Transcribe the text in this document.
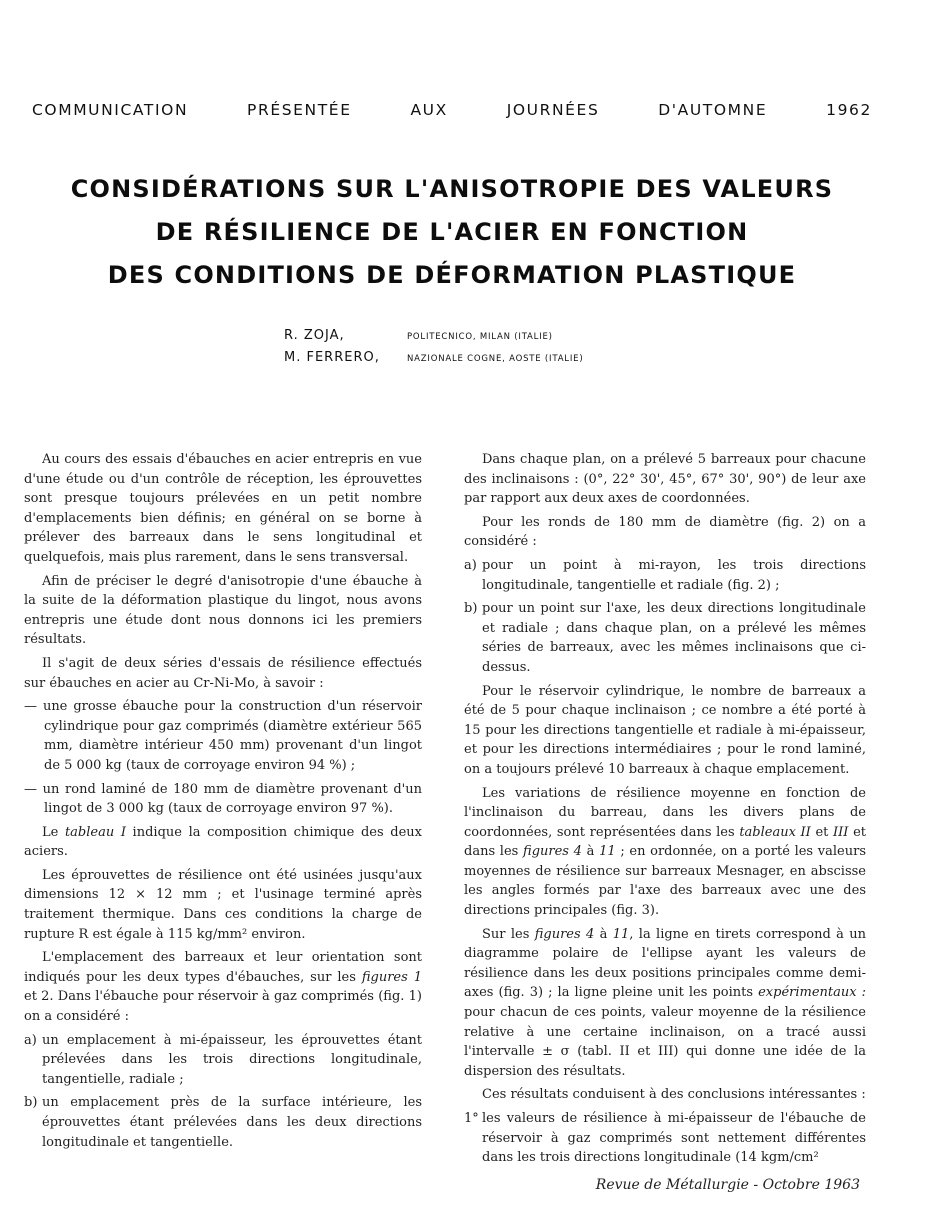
COMMUNICATION	PRÉSENTÉE	AUX	JOURNÉES	D'AUTOMNE	1962
CONSIDÉRATIONS SUR L'ANISOTROPIE DES VALEURS
DE RÉSILIENCE DE L'ACIER EN FONCTION
DES CONDITIONS DE DÉFORMATION PLASTIQUE
R. ZOJA,	POLITECNICO, MILAN (ITALIE)
M. FERRERO,	NAZIONALE COGNE, AOSTE (ITALIE)

Au cours des essais d'ébauches en acier entrepris en vue d'une étude ou d'un contrôle de réception, les éprouvettes sont presque toujours prélevées en un petit nombre d'emplacements bien définis; en général on se borne à prélever des barreaux dans le sens longitudinal et quelquefois, mais plus rarement, dans le sens transversal.

Afin de préciser le degré d'anisotropie d'une ébauche à la suite de la déformation plastique du lingot, nous avons entrepris une étude dont nous donnons ici les premiers résultats.

Il s'agit de deux séries d'essais de résilience effectués sur ébauches en acier au Cr-Ni-Mo, à savoir :

— une grosse ébauche pour la construction d'un réservoir cylindrique pour gaz comprimés (diamètre extérieur 565 mm, diamètre intérieur 450 mm) provenant d'un lingot de 5 000 kg (taux de corroyage environ 94 %) ;
— un rond laminé de 180 mm de diamètre provenant d'un lingot de 3 000 kg (taux de corroyage environ 97 %).

Le tableau I indique la composition chimique des deux aciers.

Les éprouvettes de résilience ont été usinées jusqu'aux dimensions 12 × 12 mm ; et l'usinage terminé après traitement thermique. Dans ces conditions la charge de rupture R est égale à 115 kg/mm² environ.

L'emplacement des barreaux et leur orientation sont indiqués pour les deux types d'ébauches, sur les figures 1 et 2. Dans l'ébauche pour réservoir à gaz comprimés (fig. 1) on a considéré :

a) un emplacement à mi-épaisseur, les éprouvettes étant prélevées dans les trois directions longitudinale, tangentielle, radiale ;
b) un emplacement près de la surface intérieure, les éprouvettes étant prélevées dans les deux directions longitudinale et tangentielle.

Dans chaque plan, on a prélevé 5 barreaux pour chacune des inclinaisons : (0°, 22° 30', 45°, 67° 30', 90°) de leur axe par rapport aux deux axes de coordonnées.

Pour les ronds de 180 mm de diamètre (fig. 2) on a considéré :

a) pour un point à mi-rayon, les trois directions longitudinale, tangentielle et radiale (fig. 2) ;
b) pour un point sur l'axe, les deux directions longitudinale et radiale ; dans chaque plan, on a prélevé les mêmes séries de barreaux, avec les mêmes inclinaisons que ci-dessus.

Pour le réservoir cylindrique, le nombre de barreaux a été de 5 pour chaque inclinaison ; ce nombre a été porté à 15 pour les directions tangentielle et radiale à mi-épaisseur, et pour les directions intermédiaires ; pour le rond laminé, on a toujours prélevé 10 barreaux à chaque emplacement.

Les variations de résilience moyenne en fonction de l'inclinaison du barreau, dans les divers plans de coordonnées, sont représentées dans les tableaux II et III et dans les figures 4 à 11 ; en ordonnée, on a porté les valeurs moyennes de résilience sur barreaux Mesnager, en abscisse les angles formés par l'axe des barreaux avec une des directions principales (fig. 3).

Sur les figures 4 à 11, la ligne en tirets correspond à un diagramme polaire de l'ellipse ayant les valeurs de résilience dans les deux positions principales comme demi-axes (fig. 3) ; la ligne pleine unit les points expérimentaux : pour chacun de ces points, valeur moyenne de la résilience relative à une certaine inclinaison, on a tracé aussi l'intervalle ± σ (tabl. II et III) qui donne une idée de la dispersion des résultats.

Ces résultats conduisent à des conclusions intéressantes :

1° les valeurs de résilience à mi-épaisseur de l'ébauche de réservoir à gaz comprimés sont nettement différentes dans les trois directions longitudinale (14 kgm/cm²
Revue de Métallurgie - Octobre 1963
